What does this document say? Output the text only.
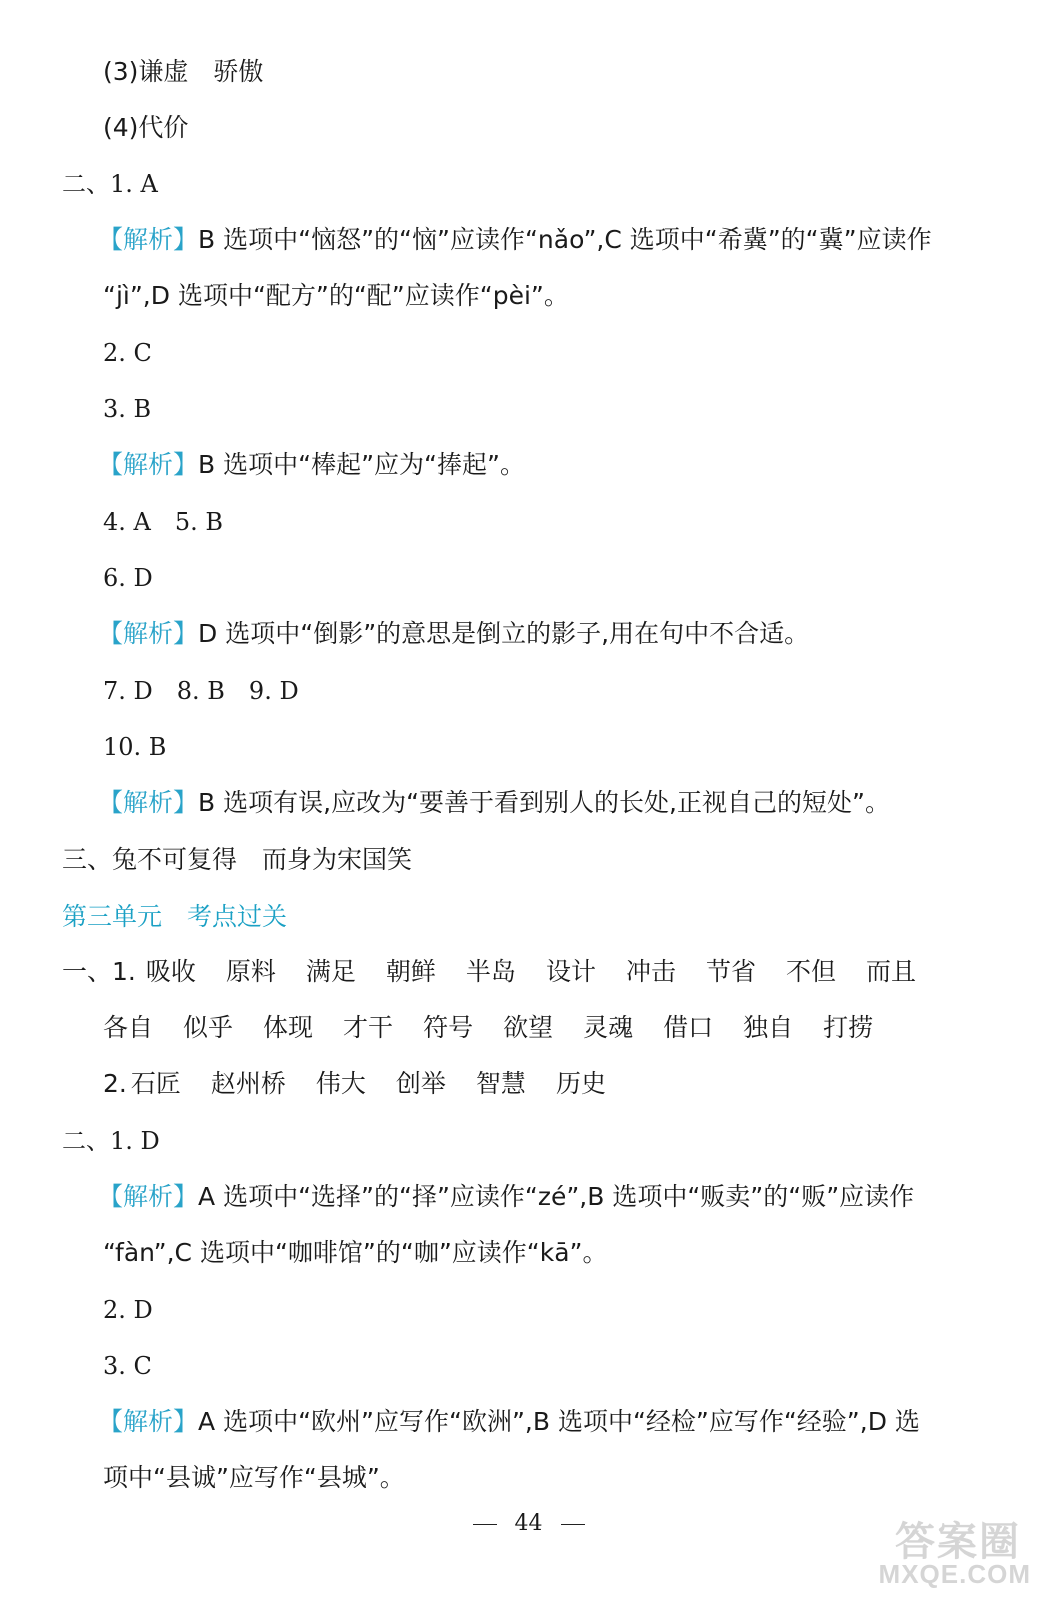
(3)谦虚　骄傲
(4)代价
二、1. A
【解析】B 选项中“恼怒”的“恼”应读作“nǎo”,C 选项中“希冀”的“冀”应读作
“jì”,D 选项中“配方”的“配”应读作“pèi”。
2. C
3. B
【解析】B 选项中“棒起”应为“捧起”。
4. A　5. B
6. D
【解析】D 选项中“倒影”的意思是倒立的影子,用在句中不合适。
7. D　8. B　9. D
10. B
【解析】B 选项有误,应改为“要善于看到别人的长处,正视自己的短处”。
三、兔不可复得　而身为宋国笑
第三单元　考点过关
一、1. 吸收 原料 满足 朝鲜 半岛 设计 冲击 节省 不但 而且
各自 似乎 体现 才干 符号 欲望 灵魂 借口 独自 打捞
2. 石匠 赵州桥 伟大 创举 智慧 历史
二、1. D
【解析】A 选项中“选择”的“择”应读作“zé”,B 选项中“贩卖”的“贩”应读作
“fàn”,C 选项中“咖啡馆”的“咖”应读作“kā”。
2. D
3. C
【解析】A 选项中“欧州”应写作“欧洲”,B 选项中“经检”应写作“经验”,D 选
项中“县诚”应写作“县城”。
44	答案圈
MXQE.COM
